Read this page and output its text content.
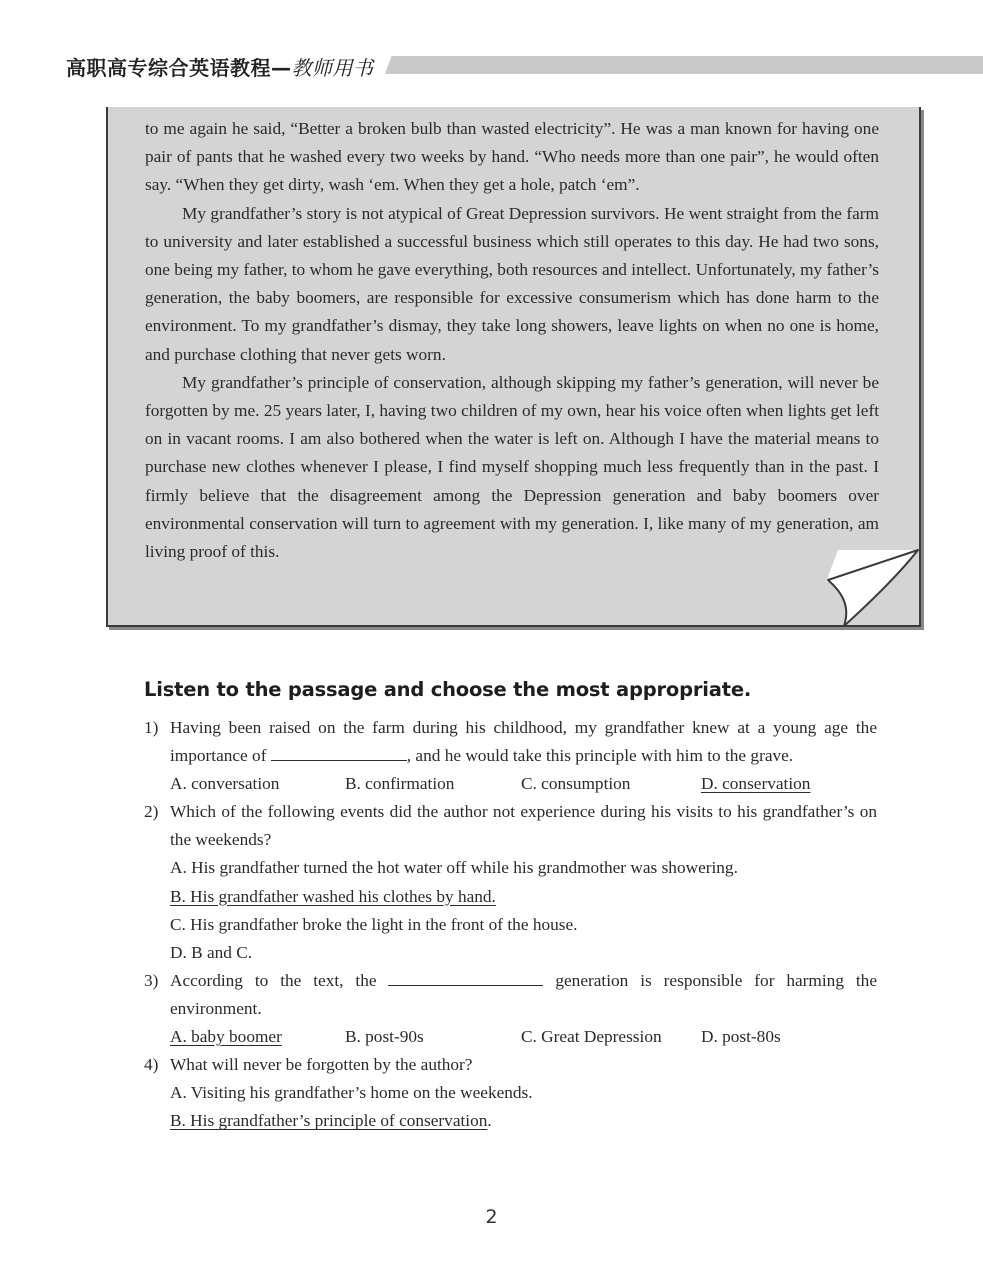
高职高专综合英语教程—教师用书

to me again he said, “Better a broken bulb than wasted electricity”. He was a man known for having one pair of pants that he washed every two weeks by hand. “Who needs more than one pair”, he would often say. “When they get dirty, wash ‘em. When they get a hole, patch ‘em”.

My grandfather’s story is not atypical of Great Depression survivors. He went straight from the farm to university and later established a successful business which still operates to this day. He had two sons, one being my father, to whom he gave everything, both resources and intellect. Unfortunately, my father’s generation, the baby boomers, are responsible for excessive consumerism which has done harm to the environment. To my grandfather’s dismay, they take long showers, leave lights on when no one is home, and purchase clothing that never gets worn.

My grandfather’s principle of conservation, although skipping my father’s generation, will never be forgotten by me. 25 years later, I, having two children of my own, hear his voice often when lights get left on in vacant rooms. I am also bothered when the water is left on. Although I have the material means to purchase new clothes whenever I please, I find myself shopping much less frequently than in the past. I firmly believe that the disagreement among the Depression generation and baby boomers over environmental conservation will turn to agreement with my generation. I, like many of my generation, am living proof of this.

Listen to the passage and choose the most appropriate.
1) Having been raised on the farm during his childhood, my grandfather knew at a young age the importance of	, and he would take this principle with him to the grave.
A. conversation	B. confirmation	C. consumption	D. conservation
2) Which of the following events did the author not experience during his visits to his grandfather’s on the weekends?
A. His grandfather turned the hot water off while his grandmother was showering.
B. His grandfather washed his clothes by hand.
C. His grandfather broke the light in the front of the house.
D. B and C.
3) According to the text, the	generation is responsible for harming the environment.
A. baby boomer	B. post-90s	C. Great Depression D. post-80s
4) What will never be forgotten by the author?
A. Visiting his grandfather’s home on the weekends.
B. His grandfather’s principle of conservation.
2
